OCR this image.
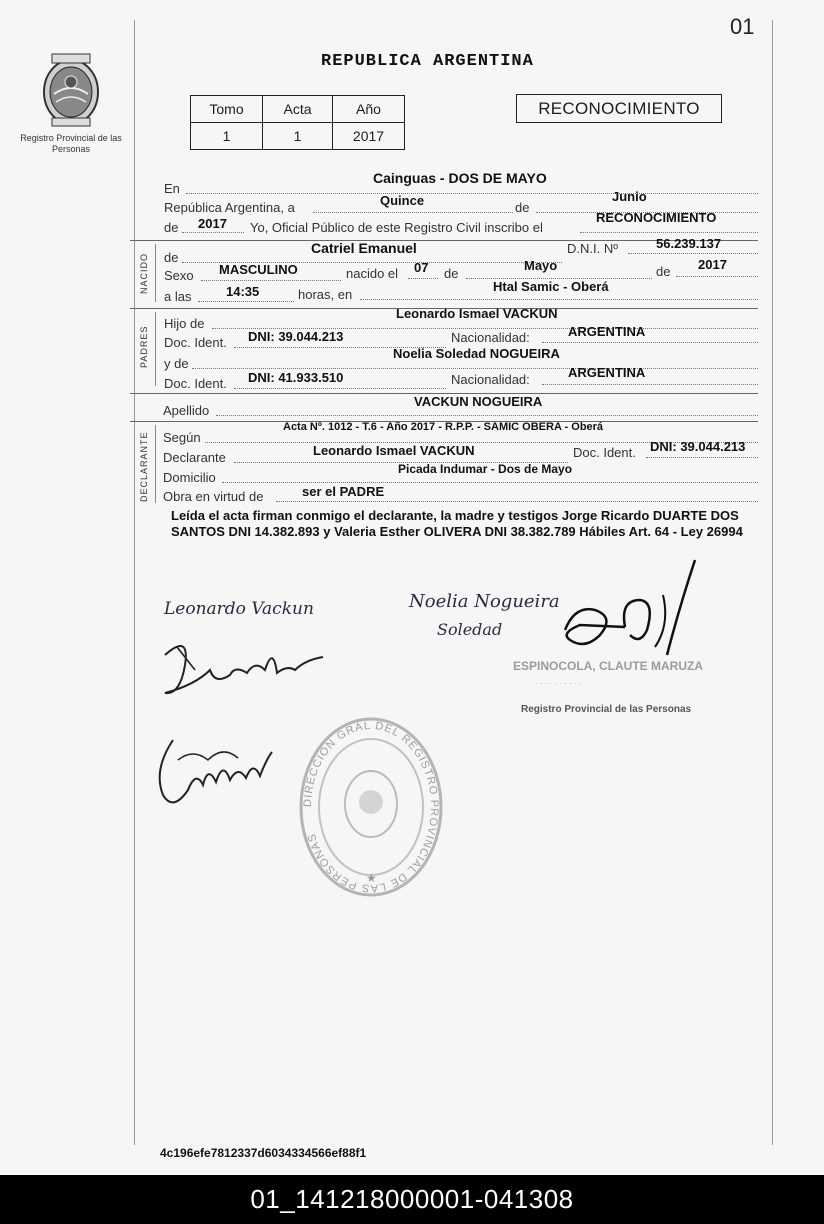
01
Registro Provincial de las Personas
REPUBLICA ARGENTINA
Tomo	Acta	Año
1	1	2017
RECONOCIMIENTO
En
Cainguas - DOS DE MAYO
República Argentina, a	Quince	de
Junio
de 2017 Yo, Oficial Público de este Registro Civil inscribo el
RECONOCIMIENTO
NACIDO de
Catriel Emanuel	D.N.I. Nº	56.239.137
Sexo MASCULINO	nacido el 07 de
Mayo	de 2017
a las	14:35	horas, en
Htal Samic - Oberá
PADRES
Hijo de
Leonardo Ismael VACKUN
Doc. Ident. DNI: 39.044.213	Nacionalidad:	ARGENTINA
y de
Noelia Soledad NOGUEIRA
Doc. Ident. DNI: 41.933.510	Nacionalidad:	ARGENTINA
Apellido
VACKUN NOGUEIRA
DECLARANTE Según
Acta Nº. 1012 - T.6 - Año 2017 - R.P.P. - SAMIC OBERA - Oberá
Declarante	Leonardo Ismael VACKUN	Doc. Ident. DNI: 39.044.213
Domicilio
Picada Indumar - Dos de Mayo
Obra en virtud de	ser el PADRE
Leída el acta firman conmigo el declarante, la madre y testigos Jorge Ricardo DUARTE DOS SANTOS DNI 14.382.893 y Valeria Esther OLIVERA DNI 38.382.789 Hábiles Art. 64 - Ley 26994
Leonardo Vackun	Noelia Nogueira
Soledad
ESPINOCOLA, CLAUTE MARUZA
· · · · · · · · · ·
Registro Provincial de las Personas
DIRECCION GRAL DEL REGISTRO PROVINCIAL DE LAS PERSONAS
★
4c196efe7812337d6034334566ef88f1
01_141218000001-041308
